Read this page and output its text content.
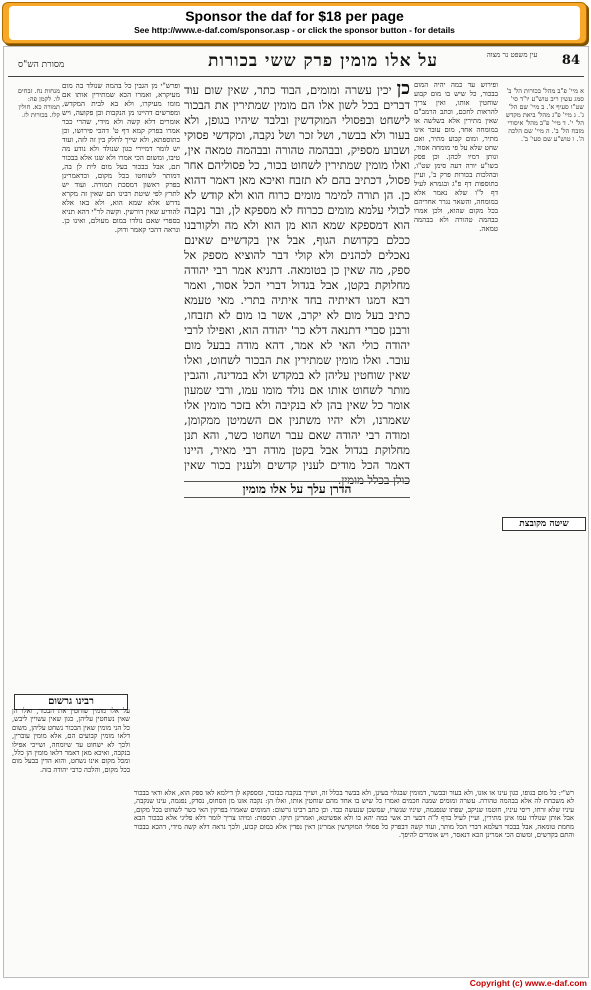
Sponsor the daf for $18 per page
See http://www.e-daf.com/sponsor.asp - or click the sponsor button - for details
84
עין משפט נר מצוה
על אלו מומין פרק ששי בכורות
מסורת הש"ס

כן יכין עשרה ומומים, הבוד כתר, שאין שום עוד דברים בכל לשון אלו הם מומין שמתירין את הבכור לישחט ובפסולי המוקדשין ובלבד שיהיו בגופן, ולא בעור ולא בבשר, ושל זכר ושל נקבה, ומקדשי פסוקי ושבוע מספיק, ובבהמה טהורה ובבהמה טמאה אין, ואלו מומין שמתירין לשחוט בכור, כל פסוליהם אחר פסול, דכתיב בהם לא תזבח ואיכא מאן דאמר דהוא כן. הן תורה למימר מומים כרוח הוא ולא קודש לא לכולי עלמא מומים ככרוח לא מספקא לן, ובר נקבה הוא דמספקא שמא הוא מן הוא ולא מה ולקורבנו ככלם בקדושת הגוף, אבל אין בקדשיים שאינם נאכלים לכהנים ולא קולי דבר להוציא מספק אל ספק, מה שאין כן בטומאה. דתניא אמר רבי יהודה מחלוקת בקטן, אבל בגדול דברי הכל אסור, ואמר רבא דמגו דאיתיה בחד איתיה בתרי. מאי טעמא כתיב בעל מום לא יקרב, אשר בו מום לא תזבחו, ורבנן סברי דתנאה דלא כר' יהודה הוא, ואפילו לרבי יהודה כולי האי לא אמר, דהא מודה בבעל מום עובר. ואלו מומין שמתירין את הבכור לשחוט, ואלו שאין שוחטין עליהן לא במקדש ולא במדינה, והגבין מותר לשחוט אותו אם נולד מומו עמו, ורבי שמעון אומר כל שאין בהן לא בנקיבה ולא בזכר מומין אלו שאמרנו, ולא יהיו משתנין אם השמיטן ממקומן, ומודה רבי יהודה שאם עבר ושחטו כשר, והא תנן מחלוקת בגדול אבל בקטן מודה רבי מאיר, היינו דאמר הכל מודים לענין קדשים ולענין בכור שאין כולן בכלל מומין.

הדרן עלך על אלו מומין

ופירוש עד כמה יהיה המום בבכור, כל שיש בו מום קבוע שוחטין אותו, ואין צריך להראות לחכם, וכתב הרמב"ם שאין מתירין אלא בשלשה או במומחה אחד, מום עובר אינו מתיר, ומום קבוע מתיר, ואם שחט שלא על פי מומחה אסור, ונותן דמיו לכהן. וכן פסק בשו"ע יורה דעה סימן שט"ו, ובהלכות בכורות פרק ב', ועיין בתוספות דף פ"ג ובגמרא לעיל דף ל"ו שלא נאמר אלא במומחה, והשאר נגרר אחריהם בכל מקום שהוא, ולכן אמרו בבהמה טהורה ולא בבהמה טמאה.

ופרש"י מן הגבין כל בהמה שנולד בה מום מעיקרא, ואמרו הכא שמתירין אותו אם מומו מעיקרו, ולא בא לבית המקדש, ומפרשים דהיינו מן הנקבות ובן פקועה, ויש אומרים דלא קשה ולא מידי, שהרי כבר אמרו בפרק קמא דף ט' דהכי פירושו, וכן בתוספתא, ולא שייך לחלק בין זה לזה, ועוד יש לומר דמיירי כגון שנולד ולא נודע מה טיבו, ומשום הכי אמרו ולא שנו אלא בבכור תם, אבל בבכור בעל מום לית לן בה, דמותר לשוחטו בכל מקום, וכדאמרינן בפרק ראשון דמסכת תמורה. ועוד יש לתרץ לפי שיטת רבינו תם שאין זה מקרא נדרש אלא שמא הוא, ולא באו אלא להודיע שאין דורשין. וקשה לר"י דהא תניא בספרי שאם נולדו במום מעולם, ואינו כן. ונראה דהכי קאמר ודוק.

רש"י: כל מום בגופו, כגון עינו או אזנו, ולא בעור ובבשר, דמומין שבגלוי בעינן, ולא בבשר בכלל זה, ושייך בנקבה כבזכר, ומספקא לן דילמא לאו ספק הוא, אלא ודאי בבכור לא משכחת לה אלא בבהמה טהורה. עשרה ומומים שמנה חכמים ואמרו כל שיש בו אחד מהם שוחטין אותו, ואלו הן: נקבה אזנו מן הסחוס, נסדק, נפגמה, עינו שנקבה, עיניו שלא זרחו, ריסי עיניו, חוטמו שניקב, שפתו שנפגמה, שיניו שנשרו, שמשכן שנעשה כבד. וכן כתב רבינו גרשום: המומים שאמרו בפרקין האי כשר לשחוט בכל מקום, אבל אותן שנולדו עמו אינן מתירין, ועיין לעיל בדף ל"ה דבעי רב אשי כמה יהא בו ולא אפשיטא, ואמרינן תיקו. תוספות: ומיהו צריך לומר דלא פליגי אלא בבכור הבא מחמת טומאה, אבל בבכור דעלמא דברי הכל מותר, ועוד קשה דבפרק כל פסולי המוקדשין אמרינן דאין נפדין אלא במום קבוע, ולכך נראה דלא קשה מידי, דהכא בבכור והתם בקדשים, ומשום הכי אמרינן הכא דנאסר, ויש אומרים להיפך.

רבינו גרשום

על אלו מומין שוחטין את הבכור, ואלו הן שאין נשחטין עליהן, כגון שאין עשויין ליבש, כל הני מומין שאין הבכור נשחט עליהן, משום דלאו מומין קבועים הם, אלא מומין עוברין, ולכך לא ישחוט עד שיומחה, ושייכי אפילו בנקבה, ואיכא מאן דאמר דלאו מומין הן כלל, ומכל מקום אינו נשחט, והוא הדין בבעל מום בכל מקום, והלכה כרבי יהודה בזה.

א מיי' פ"ב מהל' בכורות הל' ב' סמג עשין ריב טוש"ע יו"ד סי' שט"ו סעיף א'. ב מיי' שם הל' ג'. ג מיי' פ"ג מהל' ביאת מקדש הל' י'. ד מיי' פ"ב מהל' איסורי מזבח הל' ב'. ה מיי' שם הלכה ה'. ו טוש"ע שם סעי' ב'.
מנחות נח. זבחים לו. לקמן פה: תמורה כא. חולין קלו. בכורות לז.
שיטה מקובצת
Copyright (c) www.e-daf.com
